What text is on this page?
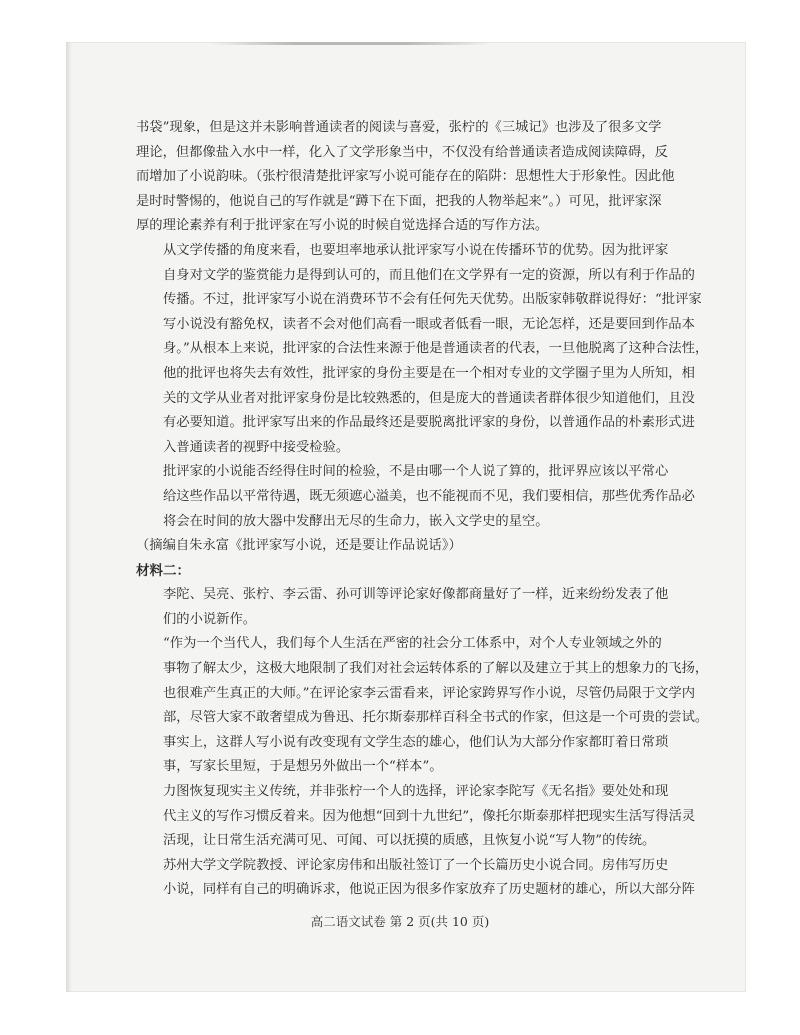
书袋”现象，但是这并未影响普通读者的阅读与喜爱，张柠的《三城记》也涉及了很多文学
理论，但都像盐入水中一样，化入了文学形象当中，不仅没有给普通读者造成阅读障碍，反
而增加了小说韵味。（张柠很清楚批评家写小说可能存在的陷阱：思想性大于形象性。因此他
是时时警惕的，他说自己的写作就是“蹲下在下面，把我的人物举起来”。）可见，批评家深
厚的理论素养有利于批评家在写小说的时候自觉选择合适的写作方法。

从文学传播的角度来看，也要坦率地承认批评家写小说在传播环节的优势。因为批评家
自身对文学的鉴赏能力是得到认可的，而且他们在文学界有一定的资源，所以有利于作品的
传播。不过，批评家写小说在消费环节不会有任何先天优势。出版家韩敬群说得好：“批评家
写小说没有豁免权，读者不会对他们高看一眼或者低看一眼，无论怎样，还是要回到作品本
身。”从根本上来说，批评家的合法性来源于他是普通读者的代表，一旦他脱离了这种合法性，
他的批评也将失去有效性，批评家的身份主要是在一个相对专业的文学圈子里为人所知，相
关的文学从业者对批评家身份是比较熟悉的，但是庞大的普通读者群体很少知道他们，且没
有必要知道。批评家写出来的作品最终还是要脱离批评家的身份，以普通作品的朴素形式进
入普通读者的视野中接受检验。

批评家的小说能否经得住时间的检验，不是由哪一个人说了算的，批评界应该以平常心
给这些作品以平常待遇，既无须遮心溢美，也不能视而不见，我们要相信，那些优秀作品必
将会在时间的放大器中发酵出无尽的生命力，嵌入文学史的星空。

（摘编自朱永富《批评家写小说，还是要让作品说话》）

材料二：

李陀、吴亮、张柠、李云雷、孙可训等评论家好像都商量好了一样，近来纷纷发表了他
们的小说新作。

“作为一个当代人，我们每个人生活在严密的社会分工体系中，对个人专业领域之外的
事物了解太少，这极大地限制了我们对社会运转体系的了解以及建立于其上的想象力的飞扬，
也很难产生真正的大师。”在评论家李云雷看来，评论家跨界写作小说，尽管仍局限于文学内
部，尽管大家不敢奢望成为鲁迅、托尔斯泰那样百科全书式的作家，但这是一个可贵的尝试。

事实上，这群人写小说有改变现有文学生态的雄心，他们认为大部分作家都盯着日常琐
事，写家长里短，于是想另外做出一个“样本”。

力图恢复现实主义传统，并非张柠一个人的选择，评论家李陀写《无名指》要处处和现
代主义的写作习惯反着来。因为他想“回到十九世纪”，像托尔斯泰那样把现实生活写得活灵
活现，让日常生活充满可见、可闻、可以抚摸的质感，且恢复小说“写人物”的传统。

苏州大学文学院教授、评论家房伟和出版社签订了一个长篇历史小说合同。房伟写历史
小说，同样有自己的明确诉求，他说正因为很多作家放弃了历史题材的雄心，所以大部分阵

高二语文试卷 第 2 页(共 10 页)
